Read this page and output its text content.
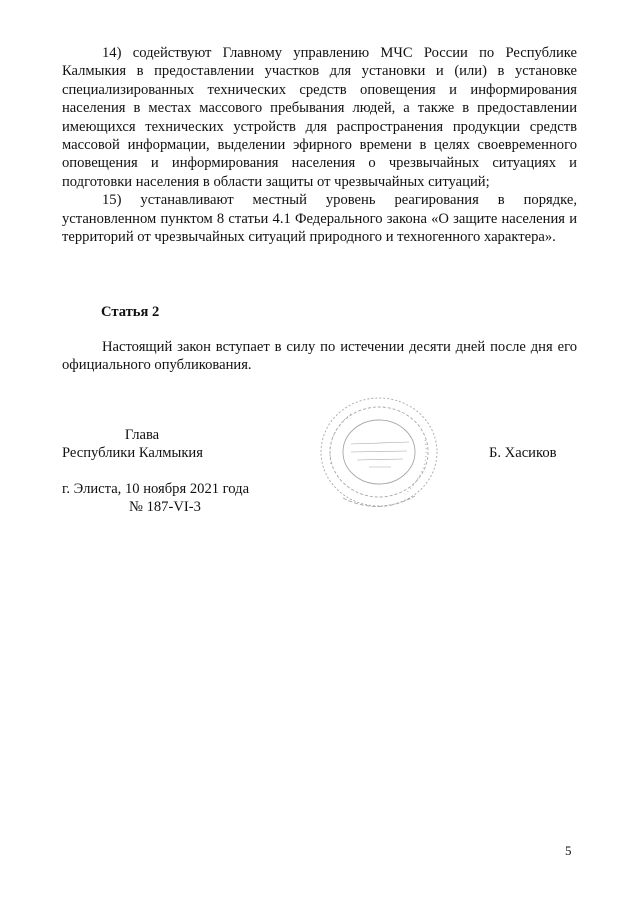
14) содействуют Главному управлению МЧС России по Республике Калмыкия в предоставлении участков для установки и (или) в установке специализированных технических средств оповещения и информирования населения в местах массового пребывания людей, а также в предоставлении имеющихся технических устройств для распространения продукции средств массовой информации, выделении эфирного времени в целях своевременного оповещения и информирования населения о чрезвычайных ситуациях и подготовки населения в области защиты от чрезвычайных ситуаций;

15) устанавливают местный уровень реагирования в порядке, установленном пунктом 8 статьи 4.1 Федерального закона «О защите населения и территорий от чрезвычайных ситуаций природного и техногенного характера».

Статья 2

Настоящий закон вступает в силу по истечении десяти дней после дня его официального опубликования.

Глава
Республики Калмыкия	Б. Хасиков
г. Элиста, 10 ноября 2021 года
№ 187-VI-3
5
